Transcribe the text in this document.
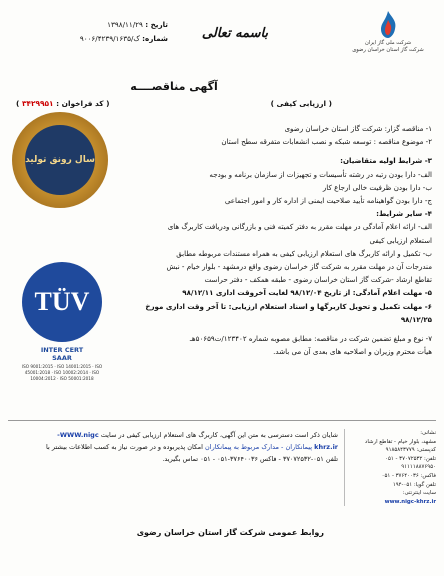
تاریخ : ۱۳۹۸/۱۱/۲۹
شماره: ک/۹۰۰۶/۴۲۳۹/۱۶۳۵	باسمه تعالی
شرکت ملی گاز ایران
شرکت گاز استان خراسان رضوی
آگهی مناقصــــه
( ارزیابی کیفی )
( کد فراخوان : ۳۴۲۹۹۵۱ )
۱- مناقصه گزار: شرکت گاز استان خراسان رضوی
۲- موضوع مناقصه : توسعه شبکه و نصب انشعابات متفرقه سطح استان
۳- شرایط اولیه متقاضیان:
الف- دارا بودن رتبه در رشته تأسیسات و تجهیزات از سازمان برنامه و بودجه
ب- دارا بودن ظرفیت خالی ارجاع کار
ج- دارا بودن گواهینامه تأیید صلاحیت ایمنی از اداره کار و امور اجتماعی
۴- سایر شرایط:
الف- ارائه اعلام آمادگی در مهلت مقرر به دفتر کمیته فنی و بازرگانی ودریافت کاربرگ های
استعلام ارزیابی کیفی
ب- تکمیل و ارائه کاربرگ های استعلام ارزیابی کیفی به همراه مستندات مربوطه مطابق
مندرجات آن در مهلت مقرر به شرکت گاز خراسان رضوی واقع درمشهد - بلوار خیام - نبش
تقاطع ارشاد -شرکت گاز استان خراسان رضوی - طبقه همکف - دفتر حراست
۵- مهلت اعلام آمادگی: از تاریخ ۹۸/۱۲/۰۴ لغایت آخروقت اداری ۹۸/۱۲/۱۱
۶- مهلت تکمیل و تحویل کاربرگها و اسناد استعلام ارزیابی: تا آخر وقت اداری مورخ
۹۸/۱۲/۲۵
۷- نوع و مبلغ تضمین شرکت در مناقصه: مطابق مصوبه شماره ۱۲۳۴۰۲/ت۵۰۶۵۹هـ
هیأت محترم وزیران و اصلاحیه های بعدی آن می باشد.
سال رونق تولید
TÜV
INTER CERT
SAAR
ISO 9001:2015 · ISO 14001:2015 · ISO 45001:2018 · ISO 10002:2014 · ISO 10004:2012 · ISO 50001:2018
شایان ذکر است دسترسی به متن این آگهی، کاربرگ های استعلام ارزیابی کیفی در سایت WWW.nigc-
khrz.ir پیمانکاران - مدارک مربوط به پیمانکاران امکان پذیربوده و در صورت نیاز به کسب اطلاعات بیشتر با
تلفن ۰۵۱-۳۷۰۷۲۵۳۲ - فاکس ۳۷۶۴۰۰۳۶-۰۵۱ - ۰۵۱ تماس بگیرید.
نشانی:
مشهد، بلوار خیام - تقاطع ارشاد
کدپستی: ۹۱۸۵۸۴۳۷۷۹
تلفن: ۳۷۰۷۲۵۳۲ - ۰۵۱
۹۱۱۱۱۸۸۷۶۹۵۰
فاکس: ۳۷۶۴۰۰۳۶ - ۰۵۱
تلفن گویا: ۰۵۱-۱۹۴
سایت اینترنتی:
www.nigc-khrz.ir
روابط عمومی شرکت گاز استان خراسان رضوی
